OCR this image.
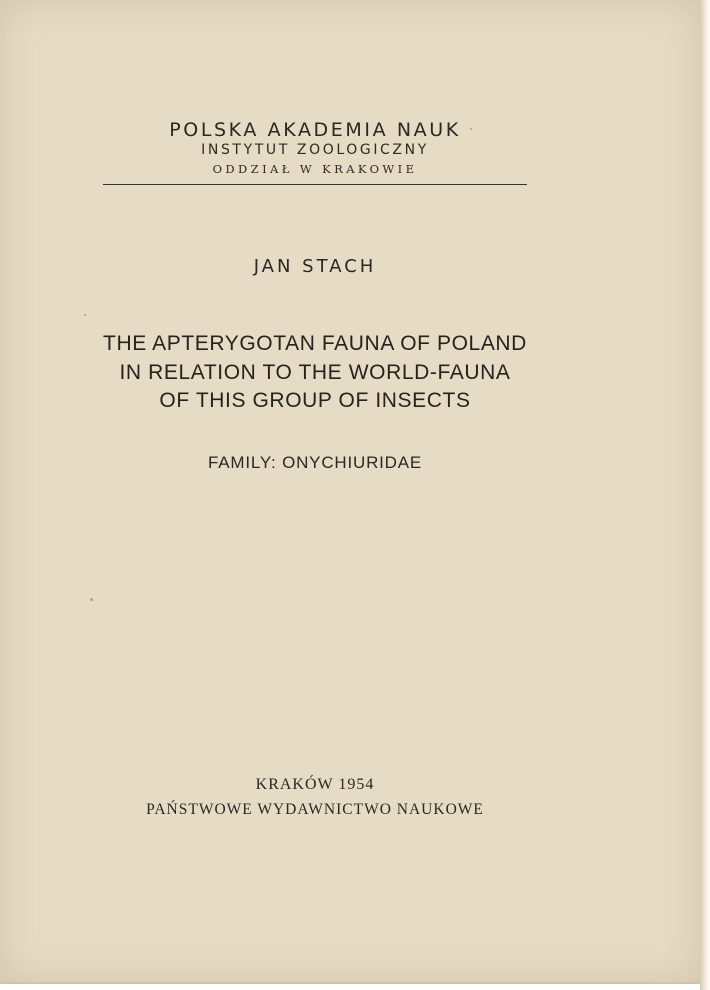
POLSKA AKADEMIA NAUK
INSTYTUT ZOOLOGICZNY
ODDZIAŁ W KRAKOWIE
JAN STACH
THE APTERYGOTAN FAUNA OF POLAND
IN RELATION TO THE WORLD-FAUNA
OF THIS GROUP OF INSECTS
FAMILY: ONYCHIURIDAE
KRAKÓW 1954
PAŃSTWOWE WYDAWNICTWO NAUKOWE
